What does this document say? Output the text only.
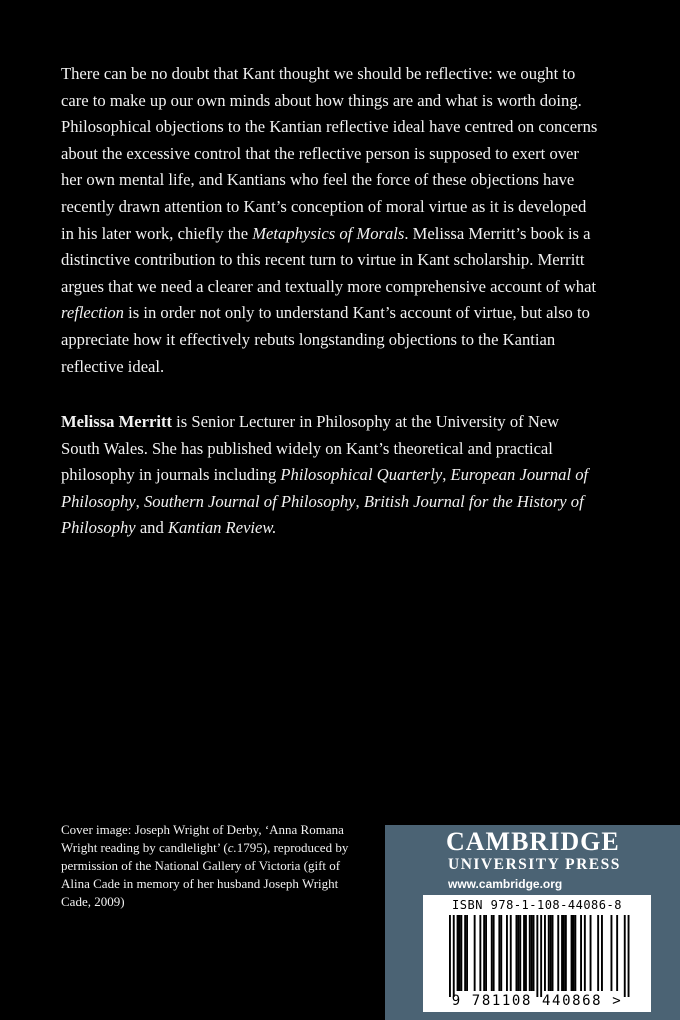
There can be no doubt that Kant thought we should be reflective: we ought to care to make up our own minds about how things are and what is worth doing. Philosophical objections to the Kantian reflective ideal have centred on concerns about the excessive control that the reflective person is supposed to exert over her own mental life, and Kantians who feel the force of these objections have recently drawn attention to Kant’s conception of moral virtue as it is developed in his later work, chiefly the Metaphysics of Morals. Melissa Merritt’s book is a distinctive contribution to this recent turn to virtue in Kant scholarship. Merritt argues that we need a clearer and textually more comprehensive account of what reflection is in order not only to understand Kant’s account of virtue, but also to appreciate how it effectively rebuts longstanding objections to the Kantian reflective ideal.

Melissa Merritt is Senior Lecturer in Philosophy at the University of New South Wales. She has published widely on Kant’s theoretical and practical philosophy in journals including Philosophical Quarterly, European Journal of Philosophy, Southern Journal of Philosophy, British Journal for the History of Philosophy and Kantian Review.

Cover image: Joseph Wright of Derby, ‘Anna Romana Wright reading by candlelight’ (c.1795), reproduced by permission of the National Gallery of Victoria (gift of Alina Cade in memory of her husband Joseph Wright Cade, 2009)

CAMBRIDGE
UNIVERSITY PRESS
www.cambridge.org
ISBN 978-1-108-44086-8
9 781108 440868 >
